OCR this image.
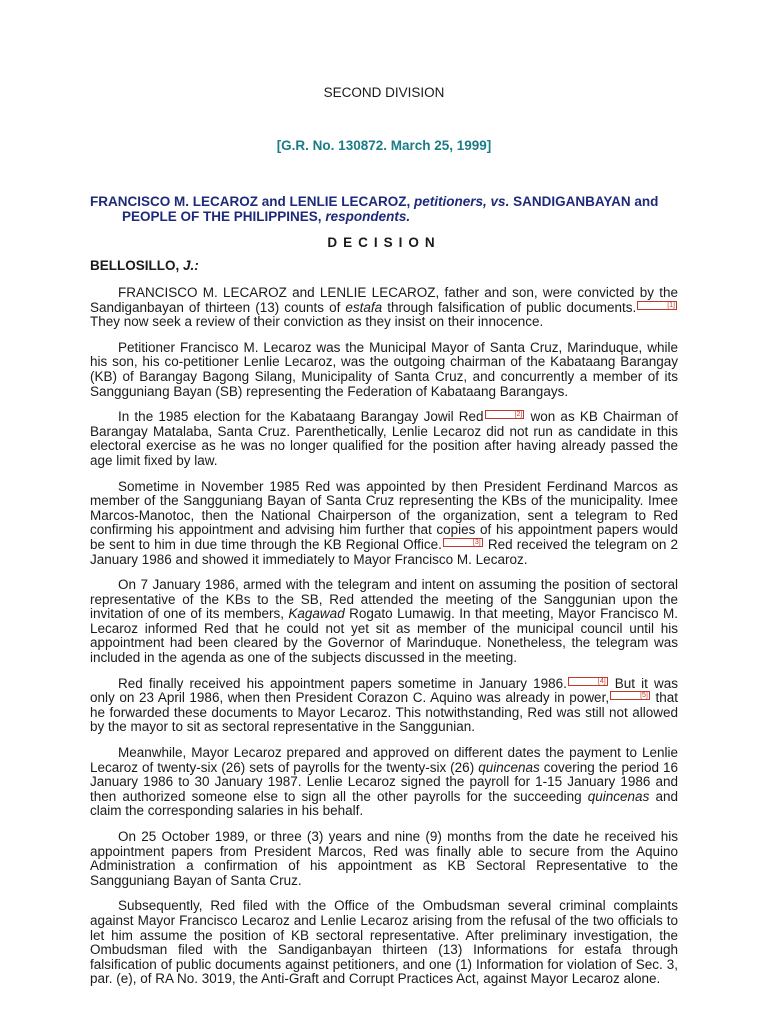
SECOND DIVISION
[G.R. No. 130872. March 25, 1999]
FRANCISCO M. LECAROZ and LENLIE LECAROZ, petitioners, vs. SANDIGANBAYAN and
PEOPLE OF THE PHILIPPINES, respondents.
DECISION
BELLOSILLO, J.:

FRANCISCO M. LECAROZ and LENLIE LECAROZ, father and son, were convicted by the Sandiganbayan of thirteen (13) counts of estafa through falsification of public documents.	[1] They now seek a review of their conviction as they insist on their innocence.

Petitioner Francisco M. Lecaroz was the Municipal Mayor of Santa Cruz, Marinduque, while his son, his co-petitioner Lenlie Lecaroz, was the outgoing chairman of the Kabataang Barangay (KB) of Barangay Bagong Silang, Municipality of Santa Cruz, and concurrently a member of its Sangguniang Bayan (SB) representing the Federation of Kabataang Barangays.

In the 1985 election for the Kabataang Barangay Jowil Red	[2] won as KB Chairman of Barangay Matalaba, Santa Cruz. Parenthetically, Lenlie Lecaroz did not run as candidate in this electoral exercise as he was no longer qualified for the position after having already passed the age limit fixed by law.

Sometime in November 1985 Red was appointed by then President Ferdinand Marcos as member of the Sangguniang Bayan of Santa Cruz representing the KBs of the municipality. Imee Marcos-Manotoc, then the National Chairperson of the organization, sent a telegram to Red confirming his appointment and advising him further that copies of his appointment papers would be sent to him in due time through the KB Regional Office.	[3] Red received the telegram on 2 January 1986 and showed it immediately to Mayor Francisco M. Lecaroz.

On 7 January 1986, armed with the telegram and intent on assuming the position of sectoral representative of the KBs to the SB, Red attended the meeting of the Sanggunian upon the invitation of one of its members, Kagawad Rogato Lumawig. In that meeting, Mayor Francisco M. Lecaroz informed Red that he could not yet sit as member of the municipal council until his appointment had been cleared by the Governor of Marinduque. Nonetheless, the telegram was included in the agenda as one of the subjects discussed in the meeting.

Red finally received his appointment papers sometime in January 1986.	[4] But it was only on 23 April 1986, when then President Corazon C. Aquino was already in power,	[5] that he forwarded these documents to Mayor Lecaroz. This notwithstanding, Red was still not allowed by the mayor to sit as sectoral representative in the Sanggunian.

Meanwhile, Mayor Lecaroz prepared and approved on different dates the payment to Lenlie Lecaroz of twenty-six (26) sets of payrolls for the twenty-six (26) quincenas covering the period 16 January 1986 to 30 January 1987. Lenlie Lecaroz signed the payroll for 1-15 January 1986 and then authorized someone else to sign all the other payrolls for the succeeding quincenas and claim the corresponding salaries in his behalf.

On 25 October 1989, or three (3) years and nine (9) months from the date he received his appointment papers from President Marcos, Red was finally able to secure from the Aquino Administration a confirmation of his appointment as KB Sectoral Representative to the Sangguniang Bayan of Santa Cruz.

Subsequently, Red filed with the Office of the Ombudsman several criminal complaints against Mayor Francisco Lecaroz and Lenlie Lecaroz arising from the refusal of the two officials to let him assume the position of KB sectoral representative. After preliminary investigation, the Ombudsman filed with the Sandiganbayan thirteen (13) Informations for estafa through falsification of public documents against petitioners, and one (1) Information for violation of Sec. 3, par. (e), of RA No. 3019, the Anti-Graft and Corrupt Practices Act, against Mayor Lecaroz alone.
